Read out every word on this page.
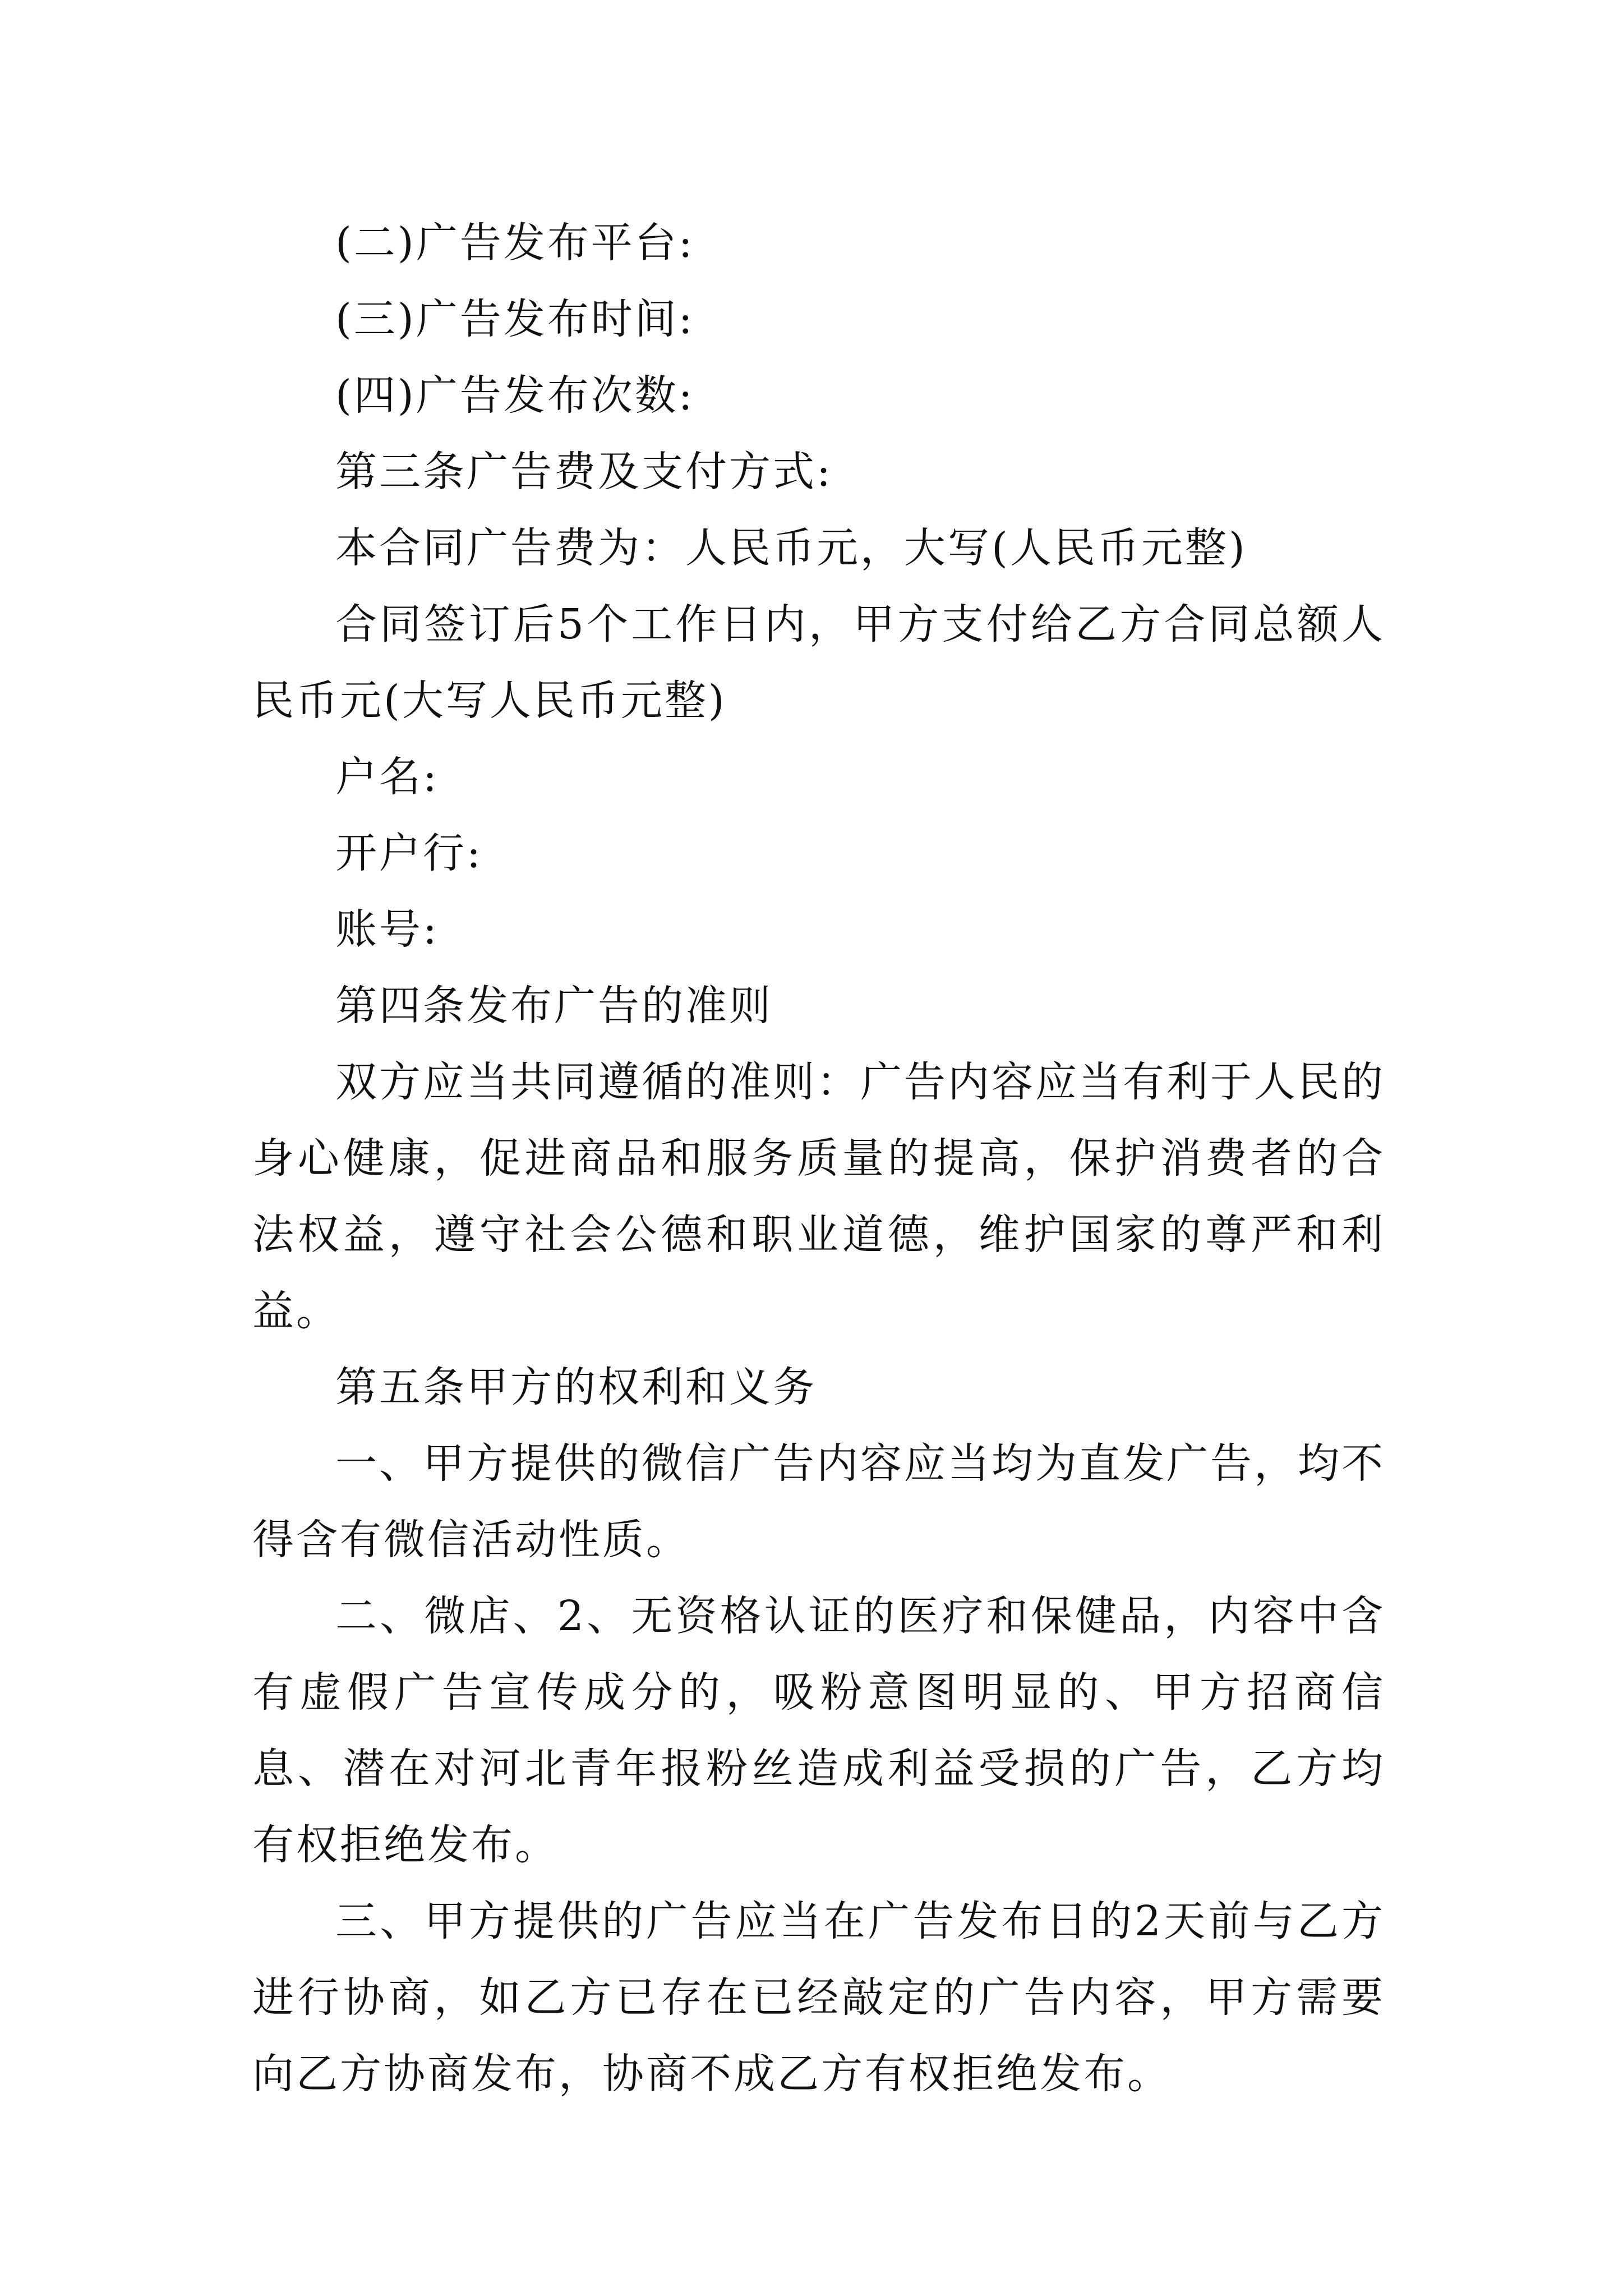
(二)广告发布平台:

(三)广告发布时间:

(四)广告发布次数:

第三条广告费及支付方式:

本合同广告费为：人民币元，大写(人民币元整)

合同签订后5个工作日内，甲方支付给乙方合同总额人民币元(大写人民币元整)

户名:

开户行:

账号:

第四条发布广告的准则

双方应当共同遵循的准则：广告内容应当有利于人民的身心健康，促进商品和服务质量的提高，保护消费者的合法权益，遵守社会公德和职业道德，维护国家的尊严和利益。

第五条甲方的权利和义务

一、甲方提供的微信广告内容应当均为直发广告，均不得含有微信活动性质。

二、微店、2、无资格认证的医疗和保健品，内容中含有虚假广告宣传成分的，吸粉意图明显的、甲方招商信息、潜在对河北青年报粉丝造成利益受损的广告，乙方均有权拒绝发布。

三、甲方提供的广告应当在广告发布日的2天前与乙方进行协商，如乙方已存在已经敲定的广告内容，甲方需要向乙方协商发布，协商不成乙方有权拒绝发布。
